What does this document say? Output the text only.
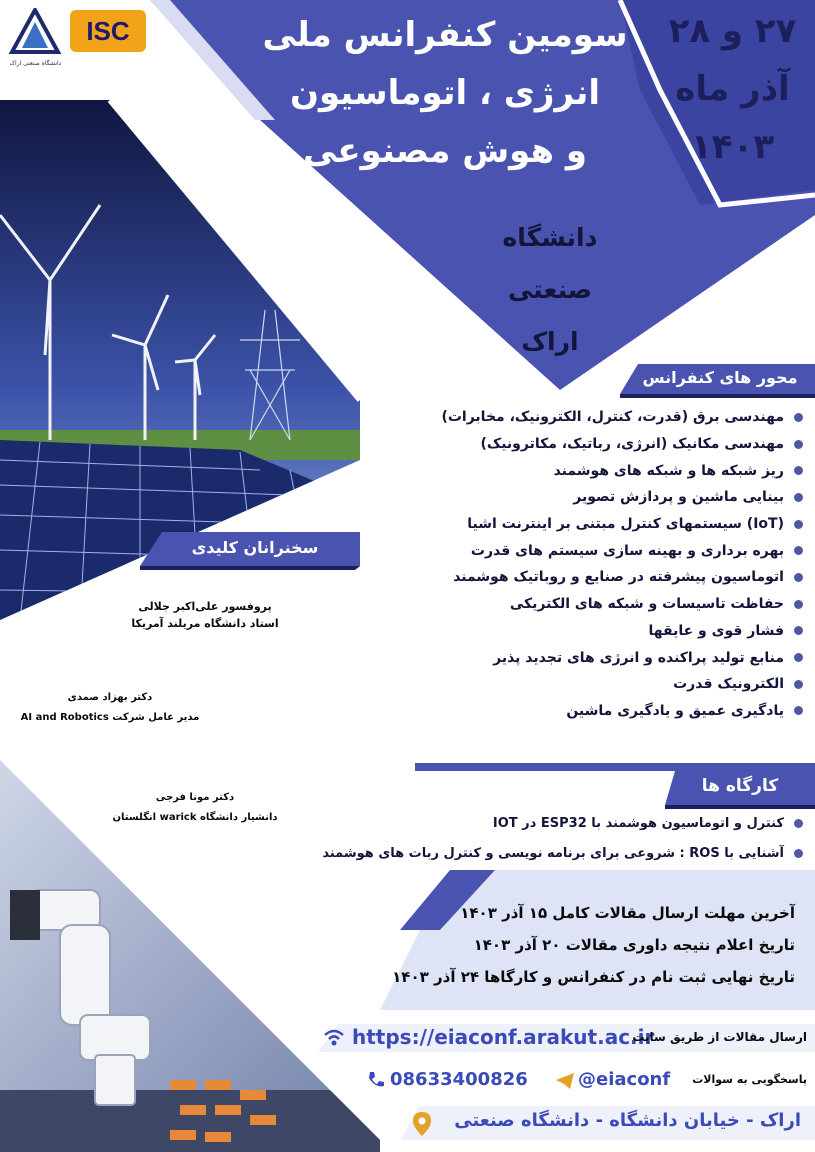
دانشگاه صنعتی اراک
ISC	سومین کنفرانس ملی
انرژی ، اتوماسیون
و هوش مصنوعی
۲۷ و ۲۸
آذر ماه
۱۴۰۳
دانشگاه
صنعتی
اراک
محور های کنفرانس
مهندسی برق (قدرت، کنترل، الکترونیک، مخابرات)
مهندسی مکانیک (انرژی، رباتیک، مکاترونیک)
ریز شبکه ها و شبکه های هوشمند
بینایی ماشین و پردازش تصویر
(IoT) سیستمهای کنترل مبتنی بر اینترنت اشیا
بهره برداری و بهینه سازی سیستم های قدرت
اتوماسیون پیشرفته در صنایع و روباتیک هوشمند
حفاظت تاسیسات و شبکه های الکتریکی
فشار قوی و عایقها
منابع تولید پراکنده و انرژی های تجدید پذیر
الکترونیک قدرت
یادگیری عمیق و یادگیری ماشین
سخنرانان کلیدی
پروفسور علی‌اکبر جلالی
استاد دانشگاه مریلند آمریکا
دکتر بهزاد صمدی
مدیر عامل شرکت AI and Robotics
دکتر مونا فرجی
دانشیار دانشگاه warick انگلستان
کارگاه ها
کنترل و اتوماسیون هوشمند با ESP32 در IOT
آشنایی با ROS : شروعی برای برنامه نویسی و کنترل ربات های هوشمند
آخرین مهلت ارسال مقالات کامل ۱۵ آذر ۱۴۰۳
تاریخ اعلام نتیجه داوری مقالات ۲۰ آذر ۱۴۰۳
تاریخ نهایی ثبت نام در کنفرانس و کارگاها ۲۴ آذر ۱۴۰۳
https://eiaconf.arakut.ac.ir
ارسال مقالات از طریق سایت
08633400826	@eiaconf پاسخگویی به سوالات
اراک - خیابان دانشگاه - دانشگاه صنعتی
